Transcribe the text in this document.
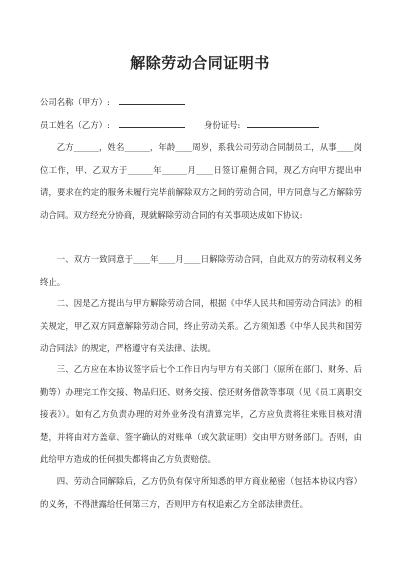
解除劳动合同证明书
公司名称（甲方）:
员工姓名（乙方）:	身份证号:

乙方______，姓名______，年龄____周岁，系我公司劳动合同制员工，从事____岗位工作，甲、乙双方于______年______月____日签订雇佣合同，现乙方向甲方提出申请，要求在约定的服务未履行完毕前解除双方之间的劳动合同，甲方同意与乙方解除劳动合同。双方经充分协商，现就解除劳动合同的有关事项达成如下协议:

一、双方一致同意于____年____月____日解除劳动合同，自此双方的劳动权利义务终止。

二、因是乙方提出与甲方解除劳动合同，根据《中华人民共和国劳动合同法》的相关规定，甲乙双方同意解除劳动合同，终止劳动关系。乙方须知悉《中华人民共和国劳动合同法》的规定，严格遵守有关法律、法规。

三、乙方应在本协议签字后七个工作日内与甲方有关部门（原所在部门、财务、后勤等）办理完工作交接、物品归还、财务交接、偿还财务借款等事项（见《员工离职交接表》）。如有乙方负责办理的对外业务没有清算完毕，乙方应负责将往来账目核对清楚，并将由对方盖章、签字确认的对账单（或欠款证明）交由甲方财务部门。否则，由此给甲方造成的任何损失都将由乙方负责赔偿。

四、劳动合同解除后，乙方仍负有保守所知悉的甲方商业秘密（包括本协议内容）的义务，不得泄露给任何第三方，否则甲方有权追索乙方全部法律责任。
